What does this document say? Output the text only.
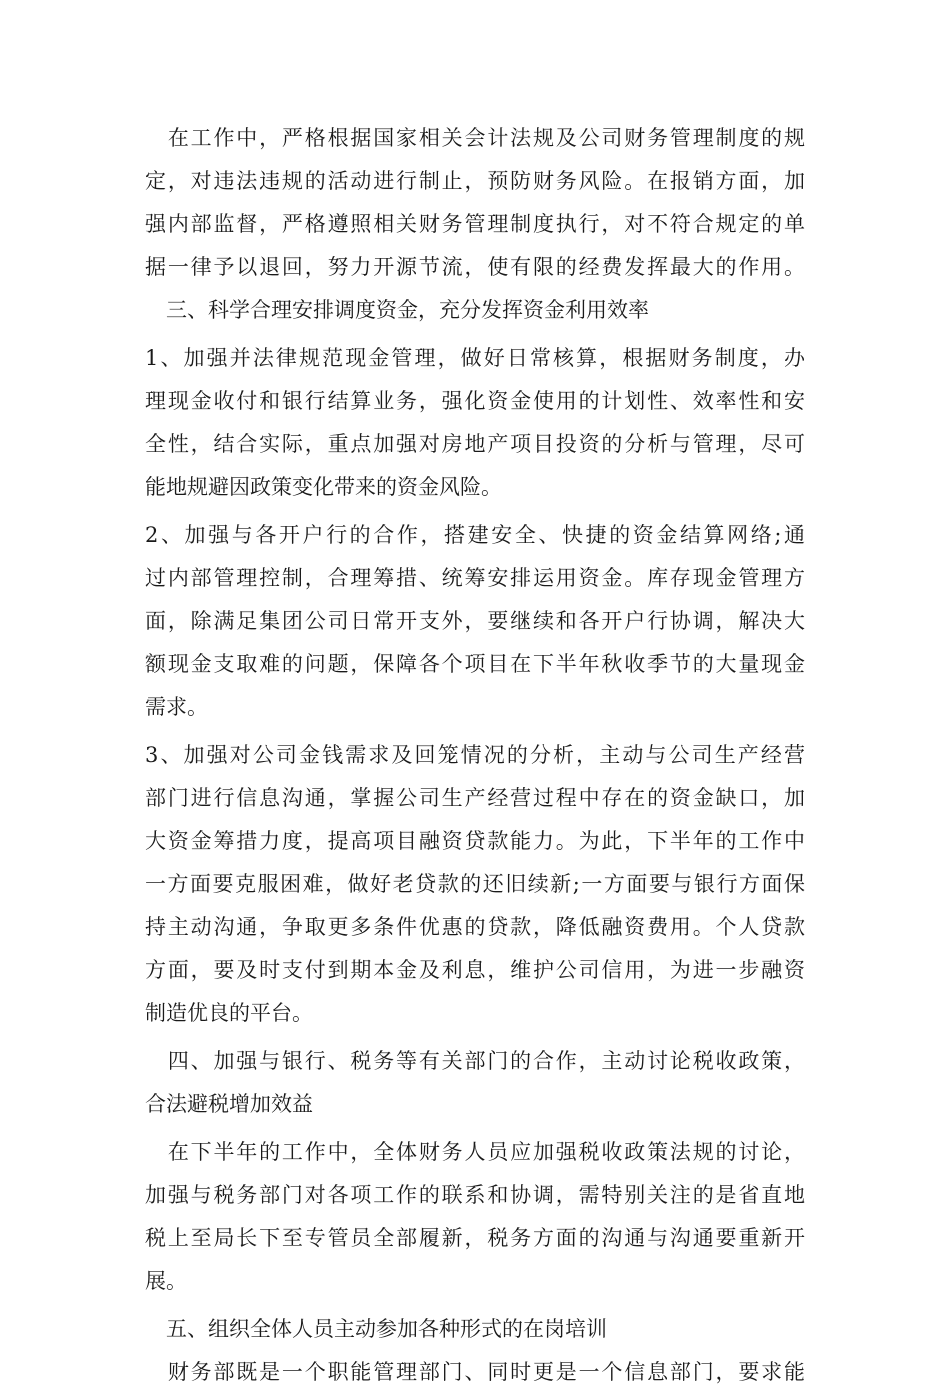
　在工作中，严格根据国家相关会计法规及公司财务管理制度的规
定，对违法违规的活动进行制止，预防财务风险。在报销方面，加
强内部监督，严格遵照相关财务管理制度执行，对不符合规定的单
据一律予以退回，努力开源节流，使有限的经费发挥最大的作用。
　三、科学合理安排调度资金，充分发挥资金利用效率
1、加强并法律规范现金管理，做好日常核算，根据财务制度，办
理现金收付和银行结算业务，强化资金使用的计划性、效率性和安
全性，结合实际，重点加强对房地产项目投资的分析与管理，尽可
能地规避因政策变化带来的资金风险。
2、加强与各开户行的合作，搭建安全、快捷的资金结算网络;通
过内部管理控制，合理筹措、统筹安排运用资金。库存现金管理方
面，除满足集团公司日常开支外，要继续和各开户行协调，解决大
额现金支取难的问题，保障各个项目在下半年秋收季节的大量现金
需求。
3、加强对公司金钱需求及回笼情况的分析，主动与公司生产经营
部门进行信息沟通，掌握公司生产经营过程中存在的资金缺口，加
大资金筹措力度，提高项目融资贷款能力。为此，下半年的工作中
一方面要克服困难，做好老贷款的还旧续新;一方面要与银行方面保
持主动沟通，争取更多条件优惠的贷款，降低融资费用。个人贷款
方面，要及时支付到期本金及利息，维护公司信用，为进一步融资
制造优良的平台。
　四、加强与银行、税务等有关部门的合作，主动讨论税收政策，
合法避税增加效益
　在下半年的工作中，全体财务人员应加强税收政策法规的讨论，
加强与税务部门对各项工作的联系和协调，需特别关注的是省直地
税上至局长下至专管员全部履新，税务方面的沟通与沟通要重新开
展。
　五、组织全体人员主动参加各种形式的在岗培训
　财务部既是一个职能管理部门、同时更是一个信息部门，要求能
